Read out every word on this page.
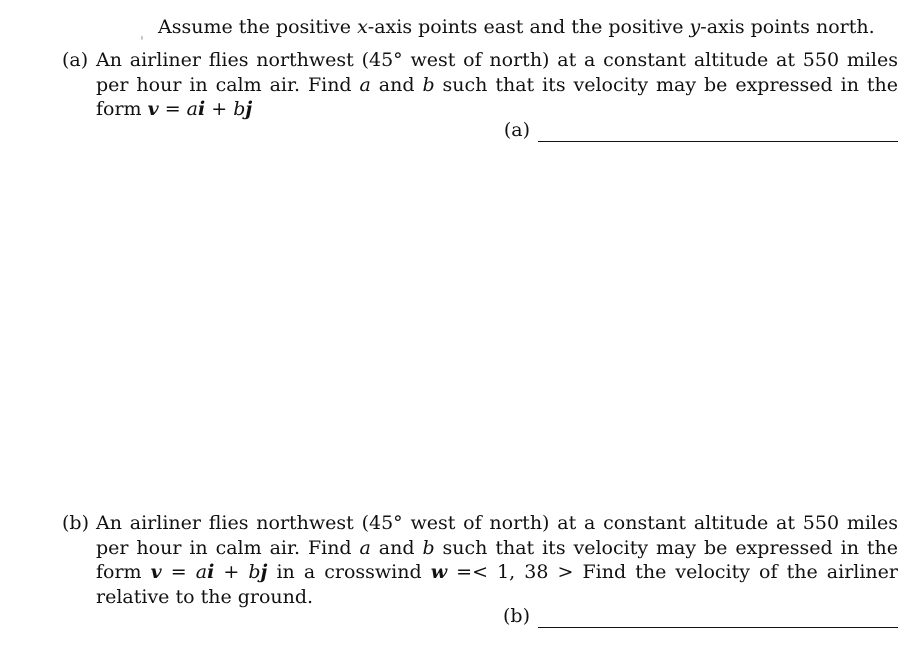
ˌ Assume the positive x-axis points east and the positive y-axis points north.
(a) An airliner flies northwest (45° west of north) at a constant altitude at 550 miles per hour in calm air. Find a and b such that its velocity may be expressed in the form v = ai + bj
(a)
(b) An airliner flies northwest (45° west of north) at a constant altitude at 550 miles per hour in calm air. Find a and b such that its velocity may be expressed in the form v = ai + bj in a crosswind w =< 1, 38 > Find the velocity of the airliner relative to the ground.
(b)
